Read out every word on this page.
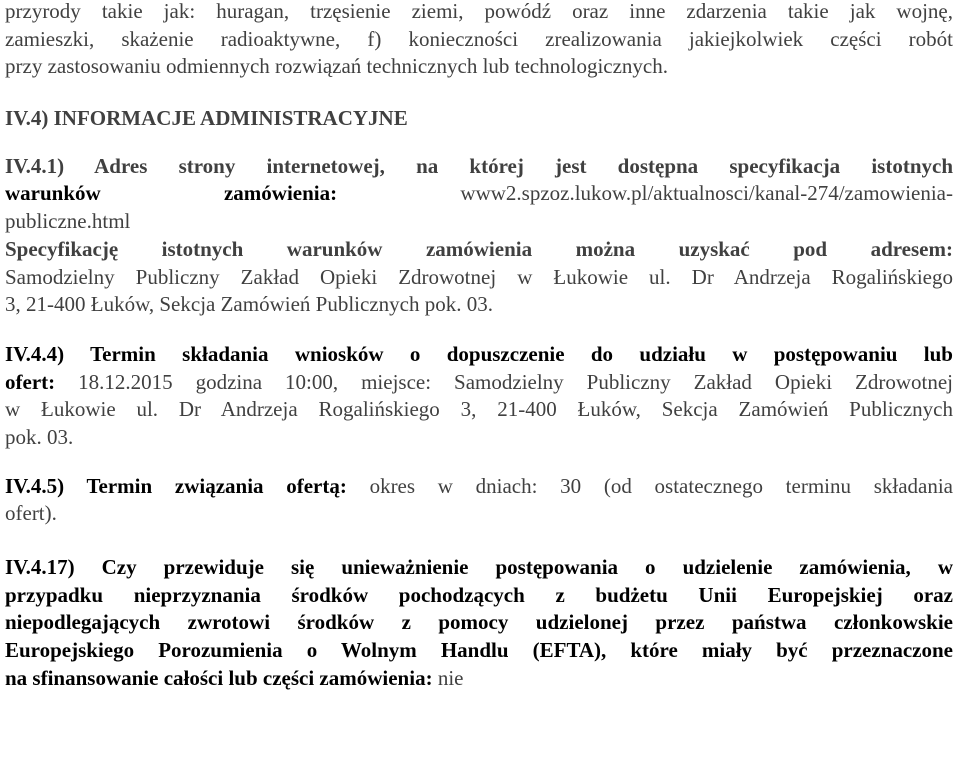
przyrody takie jak: huragan, trzęsienie ziemi, powódź oraz inne zdarzenia takie jak wojnę,
zamieszki, skażenie radioaktywne, f) konieczności zrealizowania jakiejkolwiek części robót
przy zastosowaniu odmiennych rozwiązań technicznych lub technologicznych.
IV.4) INFORMACJE ADMINISTRACYJNE
IV.4.1) Adres strony internetowej, na której jest dostępna specyfikacja istotnych
warunków zamówienia:	www2.spzoz.lukow.pl/aktualnosci/kanal-274/zamowienia-
publiczne.html
Specyfikację istotnych warunków zamówienia można uzyskać pod adresem:
Samodzielny Publiczny Zakład Opieki Zdrowotnej w Łukowie ul. Dr Andrzeja Rogalińskiego
3, 21-400 Łuków, Sekcja Zamówień Publicznych pok. 03.
IV.4.4) Termin składania wniosków o dopuszczenie do udziału w postępowaniu lub
ofert: 18.12.2015 godzina 10:00, miejsce: Samodzielny Publiczny Zakład Opieki Zdrowotnej
w Łukowie ul. Dr Andrzeja Rogalińskiego 3, 21-400 Łuków, Sekcja Zamówień Publicznych
pok. 03.
IV.4.5) Termin związania ofertą: okres w dniach: 30 (od ostatecznego terminu składania
ofert).
IV.4.17) Czy przewiduje się unieważnienie postępowania o udzielenie zamówienia, w
przypadku nieprzyznania środków pochodzących z budżetu Unii Europejskiej oraz
niepodlegających zwrotowi środków z pomocy udzielonej przez państwa członkowskie
Europejskiego Porozumienia o Wolnym Handlu (EFTA), które miały być przeznaczone
na sfinansowanie całości lub części zamówienia: nie
